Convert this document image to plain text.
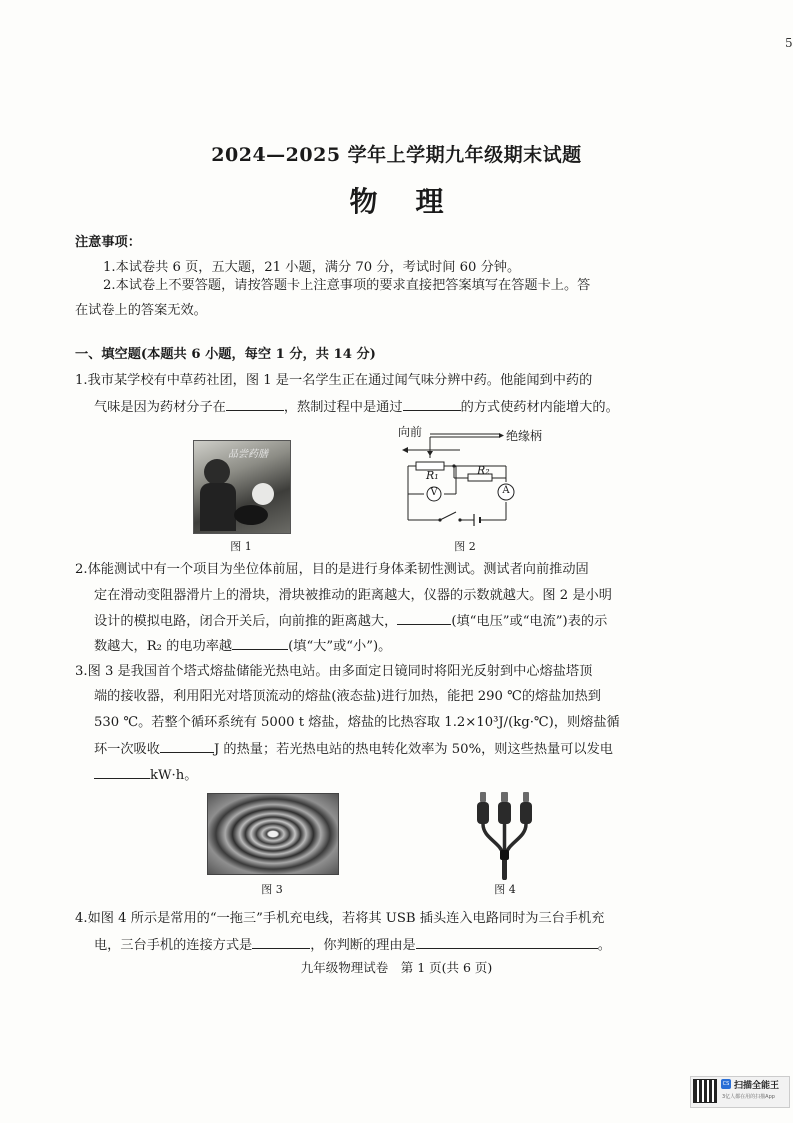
5
2024—2025 学年上学期九年级期末试题
物理
注意事项：
1.本试卷共 6 页，五大题，21 小题，满分 70 分，考试时间 60 分钟。
2.本试卷上不要答题，请按答题卡上注意事项的要求直接把答案填写在答题卡上。答
在试卷上的答案无效。
一、填空题(本题共 6 小题，每空 1 分，共 14 分)
1.我市某学校有中草药社团，图 1 是一名学生正在通过闻气味分辨中药。他能闻到中药的
气味是因为药材分子在	，熬制过程中是通过	的方式使药材内能增大的。
品尝药膳
图 1
向前	绝缘柄
R₁	R₂
V	A
图 2
2.体能测试中有一个项目为坐位体前屈，目的是进行身体柔韧性测试。测试者向前推动固
定在滑动变阻器滑片上的滑块，滑块被推动的距离越大，仪器的示数就越大。图 2 是小明
设计的模拟电路，闭合开关后，向前推的距离越大，	(填“电压”或“电流”)表的示
数越大，R₂ 的电功率越	(填“大”或“小”)。
3.图 3 是我国首个塔式熔盐储能光热电站。由多面定日镜同时将阳光反射到中心熔盐塔顶
端的接收器，利用阳光对塔顶流动的熔盐(液态盐)进行加热，能把 290 ℃的熔盐加热到
530 ℃。若整个循环系统有 5000 t 熔盐，熔盐的比热容取 1.2×10³J/(kg·℃)，则熔盐循
环一次吸收	J 的热量；若光热电站的热电转化效率为 50%，则这些热量可以发电
kW·h。
图 3	图 4
4.如图 4 所示是常用的“一拖三”手机充电线，若将其 USB 插头连入电路同时为三台手机充
电，三台手机的连接方式是	，你判断的理由是	。
九年级物理试卷　第 1 页(共 6 页)
CS 扫描全能王
3亿人都在用的扫描App
